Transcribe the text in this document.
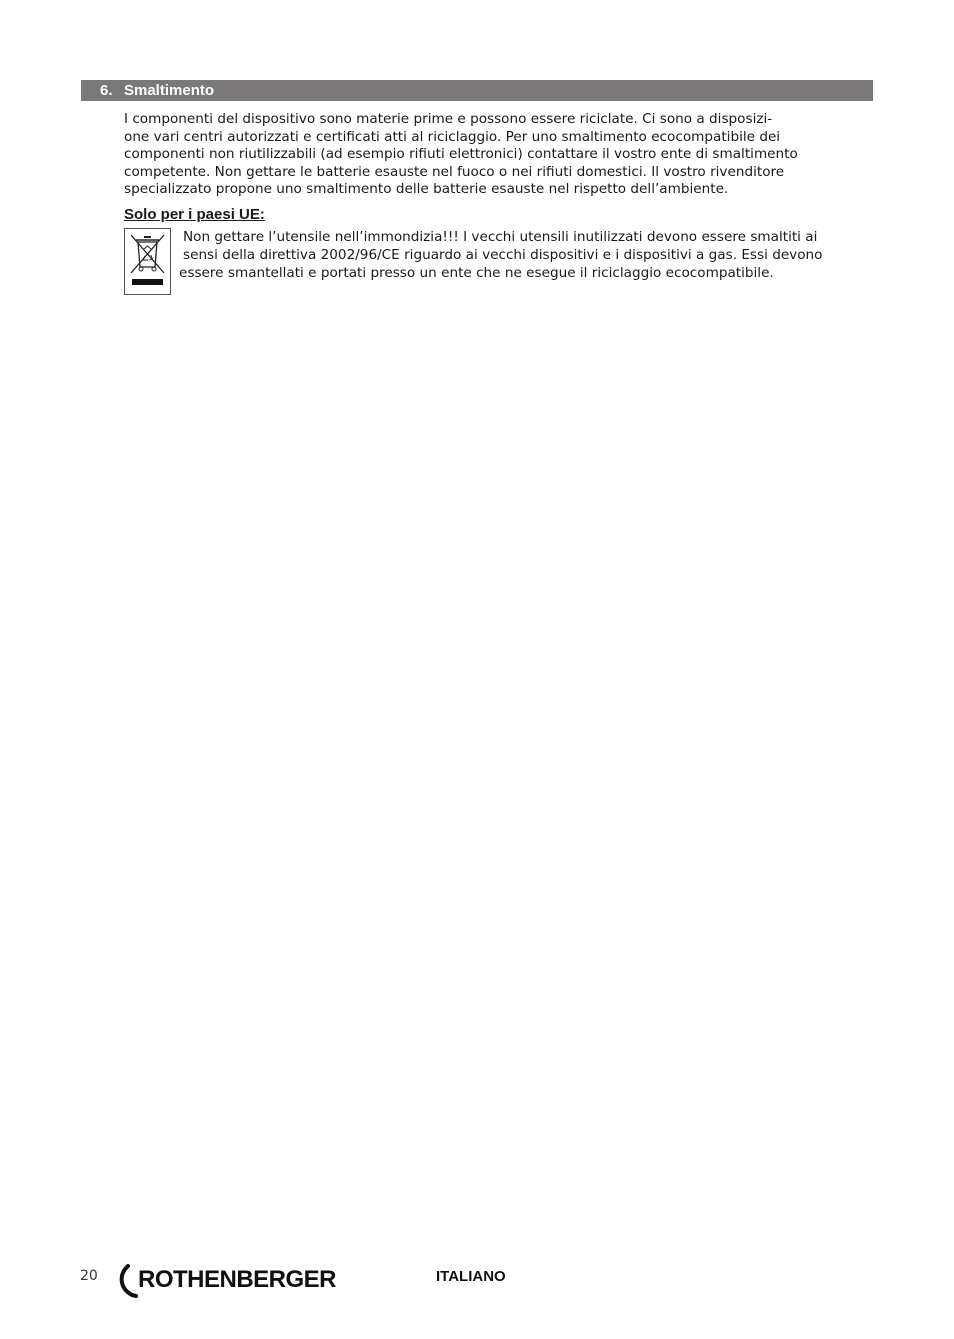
6. Smaltimento
I componenti del dispositivo sono materie prime e possono essere riciclate. Ci sono a disposizi-
one vari centri autorizzati e certificati atti al riciclaggio. Per uno smaltimento ecocompatibile dei
componenti non riutilizzabili (ad esempio rifiuti elettronici) contattare il vostro ente di smaltimento
competente. Non gettare le batterie esauste nel fuoco o nei rifiuti domestici. Il vostro rivenditore
specializzato propone uno smaltimento delle batterie esauste nel rispetto dell’ambiente.
Solo per i paesi UE:
Non gettare l’utensile nell’immondizia!!! I vecchi utensili inutilizzati devono essere smaltiti ai
sensi della direttiva 2002/96/CE riguardo ai vecchi dispositivi e i dispositivi a gas. Essi devono
essere smantellati e portati presso un ente che ne esegue il riciclaggio ecocompatibile.
20 ROTHENBERGER	ITALIANO
